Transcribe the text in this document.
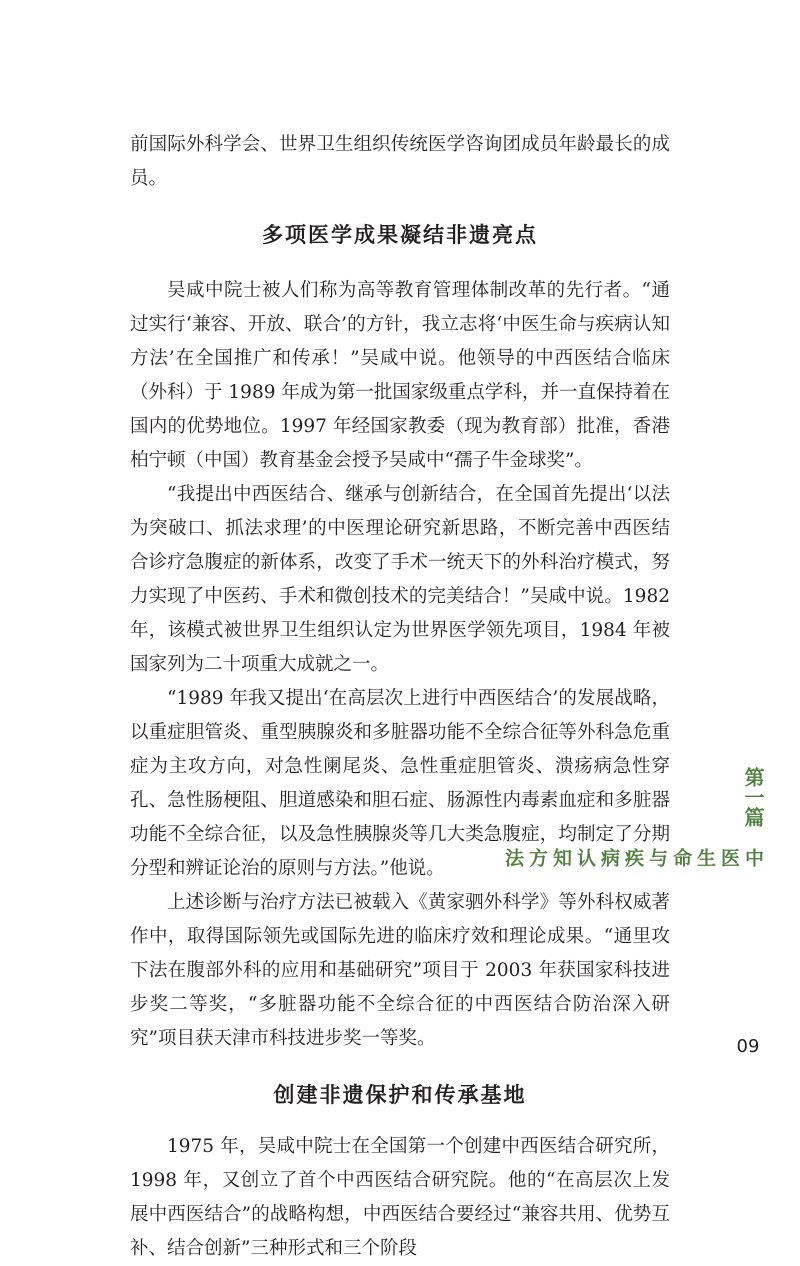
前国际外科学会、世界卫生组织传统医学咨询团成员年龄最长的成员。

多项医学成果凝结非遗亮点

吴咸中院士被人们称为高等教育管理体制改革的先行者。“通过实行‘兼容、开放、联合’的方针，我立志将‘中医生命与疾病认知方法’在全国推广和传承！”吴咸中说。他领导的中西医结合临床（外科）于 1989 年成为第一批国家级重点学科，并一直保持着在国内的优势地位。1997 年经国家教委（现为教育部）批准，香港柏宁顿（中国）教育基金会授予吴咸中“孺子牛金球奖”。

“我提出中西医结合、继承与创新结合，在全国首先提出‘以法为突破口、抓法求理’的中医理论研究新思路，不断完善中西医结合诊疗急腹症的新体系，改变了手术一统天下的外科治疗模式，努力实现了中医药、手术和微创技术的完美结合！”吴咸中说。1982 年，该模式被世界卫生组织认定为世界医学领先项目，1984 年被国家列为二十项重大成就之一。

“1989 年我又提出‘在高层次上进行中西医结合’的发展战略，以重症胆管炎、重型胰腺炎和多脏器功能不全综合征等外科急危重症为主攻方向，对急性阑尾炎、急性重症胆管炎、溃疡病急性穿孔、急性肠梗阻、胆道感染和胆石症、肠源性内毒素血症和多脏器功能不全综合征，以及急性胰腺炎等几大类急腹症，均制定了分期分型和辨证论治的原则与方法。”他说。

上述诊断与治疗方法已被载入《黄家驷外科学》等外科权威著作中，取得国际领先或国际先进的临床疗效和理论成果。“通里攻下法在腹部外科的应用和基础研究”项目于 2003 年获国家科技进步奖二等奖，“多脏器功能不全综合征的中西医结合防治深入研究”项目获天津市科技进步奖一等奖。

创建非遗保护和传承基地

1975 年，吴咸中院士在全国第一个创建中西医结合研究所，1998 年，又创立了首个中西医结合研究院。他的“在高层次上发展中西医结合”的战略构想，中西医结合要经过“兼容共用、优势互补、结合创新”三种形式和三个阶段

第一篇
中医生命与疾病认知方法
09
